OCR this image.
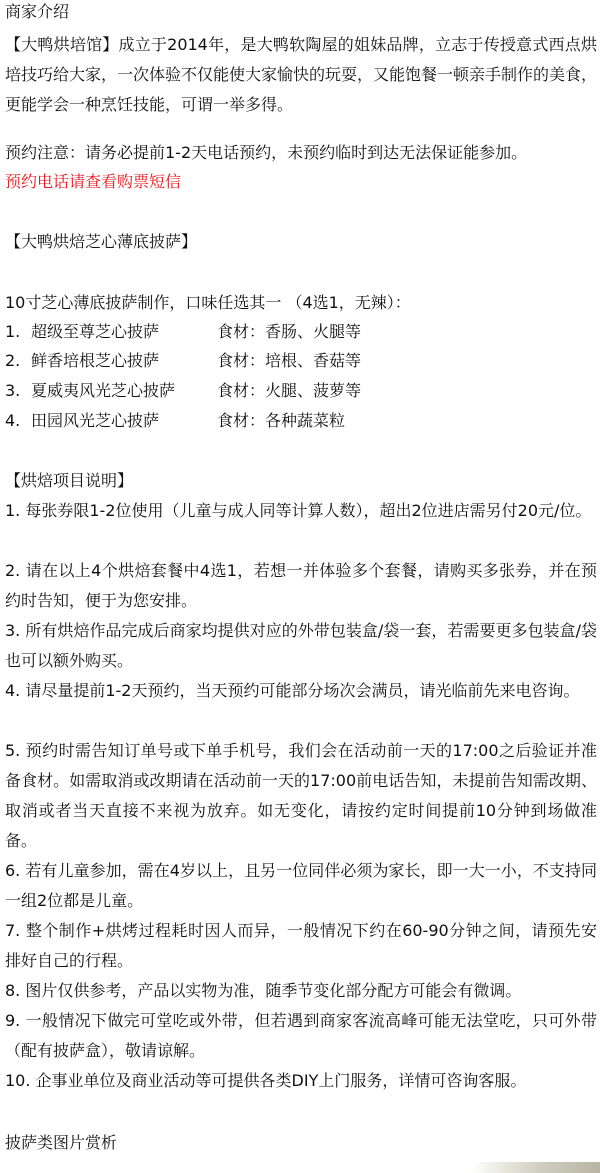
商家介绍
【大鸭烘培馆】成立于2014年，是大鸭软陶屋的姐妹品牌，立志于传授意式西点烘培技巧给大家，一次体验不仅能使大家愉快的玩耍，又能饱餐一顿亲手制作的美食，更能学会一种烹饪技能，可谓一举多得。
预约注意：请务必提前1-2天电话预约，未预约临时到达无法保证能参加。
预约电话请查看购票短信
【大鸭烘焙芝心薄底披萨】
10寸芝心薄底披萨制作，口味任选其一 （4选1，无辣）：
1. 超级至尊芝心披萨	食材：香肠、火腿等
2. 鲜香培根芝心披萨	食材：培根、香菇等
3. 夏威夷风光芝心披萨	食材：火腿、菠萝等
4. 田园风光芝心披萨	食材：各种蔬菜粒
【烘焙项目说明】
1. 每张券限1-2位使用（儿童与成人同等计算人数），超出2位进店需另付20元/位。
2. 请在以上4个烘焙套餐中4选1，若想一并体验多个套餐，请购买多张券，并在预约时告知，便于为您安排。
3. 所有烘焙作品完成后商家均提供对应的外带包装盒/袋一套，若需要更多包装盒/袋也可以额外购买。
4. 请尽量提前1-2天预约，当天预约可能部分场次会满员，请光临前先来电咨询。
5. 预约时需告知订单号或下单手机号，我们会在活动前一天的17:00之后验证并准备食材。如需取消或改期请在活动前一天的17:00前电话告知，未提前告知需改期、取消或者当天直接不来视为放弃。如无变化，请按约定时间提前10分钟到场做准备。
6. 若有儿童参加，需在4岁以上，且另一位同伴必须为家长，即一大一小，不支持同一组2位都是儿童。
7. 整个制作+烘烤过程耗时因人而异，一般情况下约在60-90分钟之间，请预先安排好自己的行程。
8. 图片仅供参考，产品以实物为准，随季节变化部分配方可能会有微调。
9. 一般情况下做完可堂吃或外带，但若遇到商家客流高峰可能无法堂吃，只可外带（配有披萨盒），敬请谅解。
10. 企事业单位及商业活动等可提供各类DIY上门服务，详情可咨询客服。
披萨类图片赏析
